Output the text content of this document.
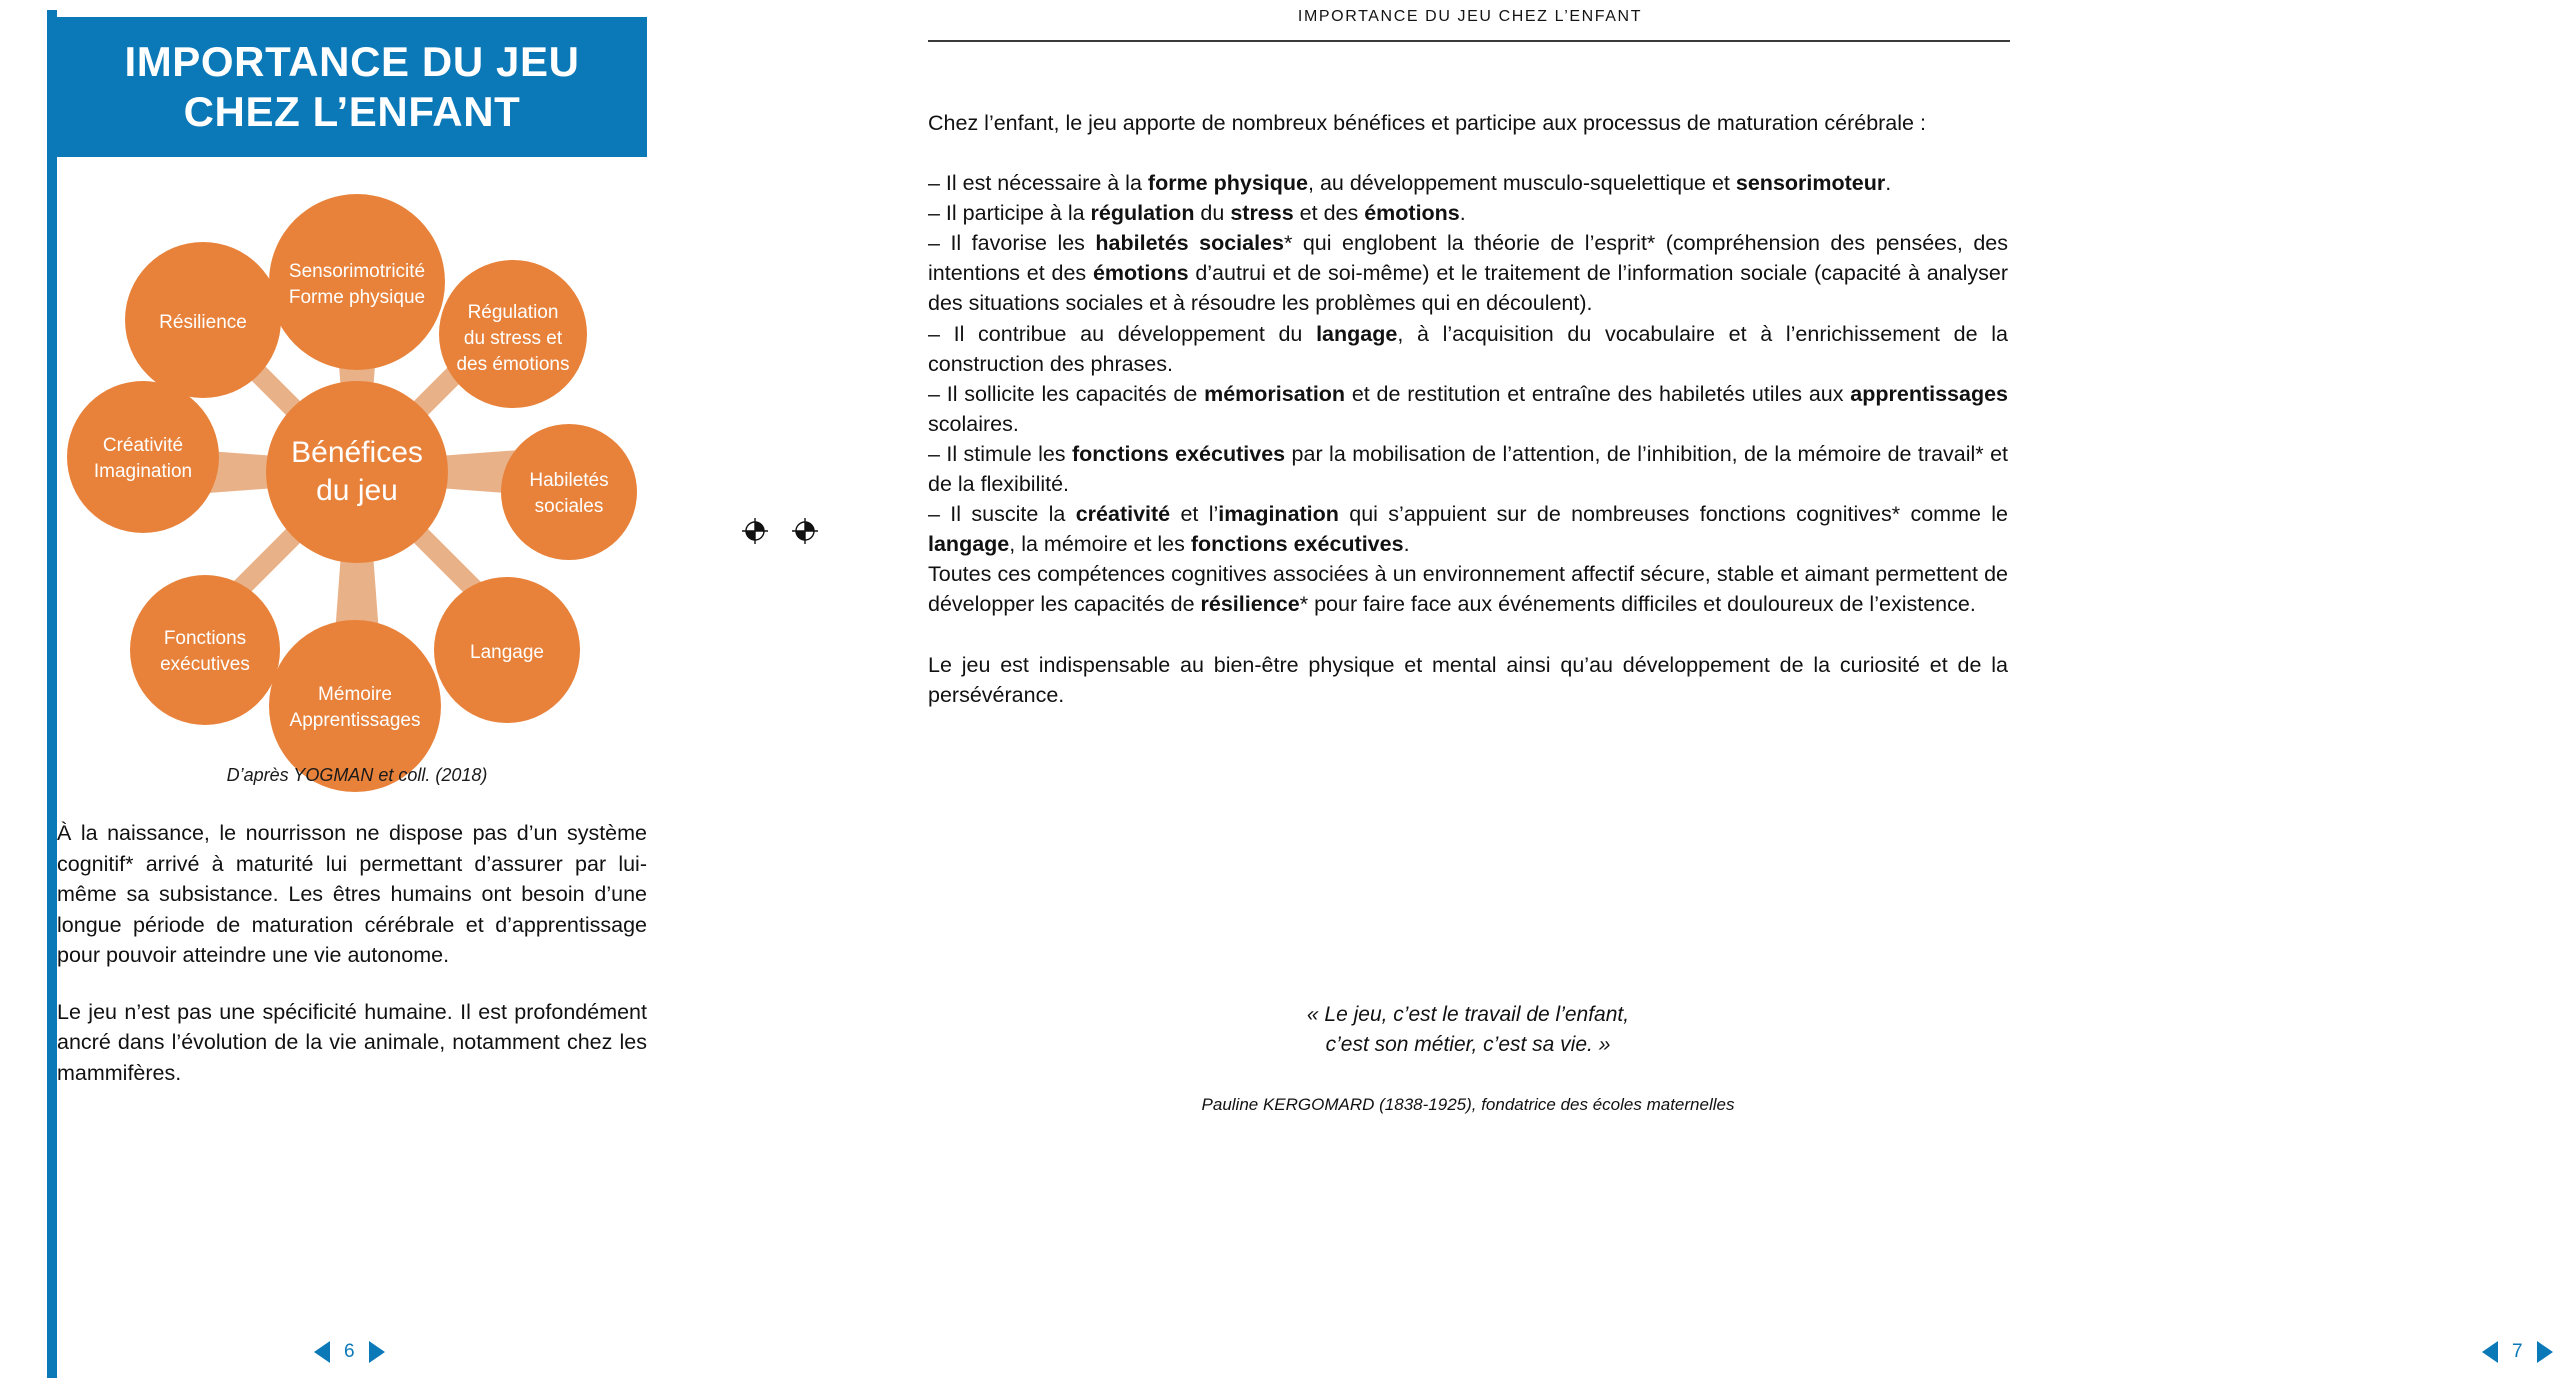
IMPORTANCE DU JEU
CHEZ L’ENFANT
Sensorimotricité
Forme physique
Régulation
du stress et
des émotions
Habiletés
sociales
Langage
Mémoire
Apprentissages
Fonctions
exécutives
Créativité
Imagination
Résilience
Bénéfices
du jeu
D’après YOGMAN et coll. (2018)

À la naissance, le nourrisson ne dispose pas d’un système cognitif* arrivé à maturité lui permettant d’assurer par lui-même sa subsistance. Les êtres humains ont besoin d’une longue période de maturation cérébrale et d’apprentissage pour pouvoir atteindre une vie autonome.

Le jeu n’est pas une spécificité humaine. Il est profondément ancré dans l’évolution de la vie animale, notamment chez les mammifères.

6
IMPORTANCE DU JEU CHEZ L’ENFANT

Chez l’enfant, le jeu apporte de nombreux bénéfices et participe aux processus de maturation cérébrale :

– Il est nécessaire à la forme physique, au développement musculo-squelettique et sensorimoteur.

– Il participe à la régulation du stress et des émotions.

– Il favorise les habiletés sociales* qui englobent la théorie de l’esprit* (compréhension des pensées, des intentions et des émotions d’autrui et de soi-même) et le traitement de l’information sociale (capacité à analyser des situations sociales et à résoudre les problèmes qui en découlent).

– Il contribue au développement du langage, à l’acquisition du vocabulaire et à l’enrichissement de la construction des phrases.

– Il sollicite les capacités de mémorisation et de restitution et entraîne des habiletés utiles aux apprentissages scolaires.

– Il stimule les fonctions exécutives par la mobilisation de l’attention, de l’inhibition, de la mémoire de travail* et de la flexibilité.

– Il suscite la créativité et l’imagination qui s’appuient sur de nombreuses fonctions cognitives* comme le langage, la mémoire et les fonctions exécutives.

Toutes ces compétences cognitives associées à un environnement affectif sécure, stable et aimant permettent de développer les capacités de résilience* pour faire face aux événements difficiles et douloureux de l’existence.

Le jeu est indispensable au bien-être physique et mental ainsi qu’au développement de la curiosité et de la persévérance.

« Le jeu, c’est le travail de l’enfant,
c’est son métier, c’est sa vie. »
Pauline KERGOMARD (1838-1925), fondatrice des écoles maternelles
7
